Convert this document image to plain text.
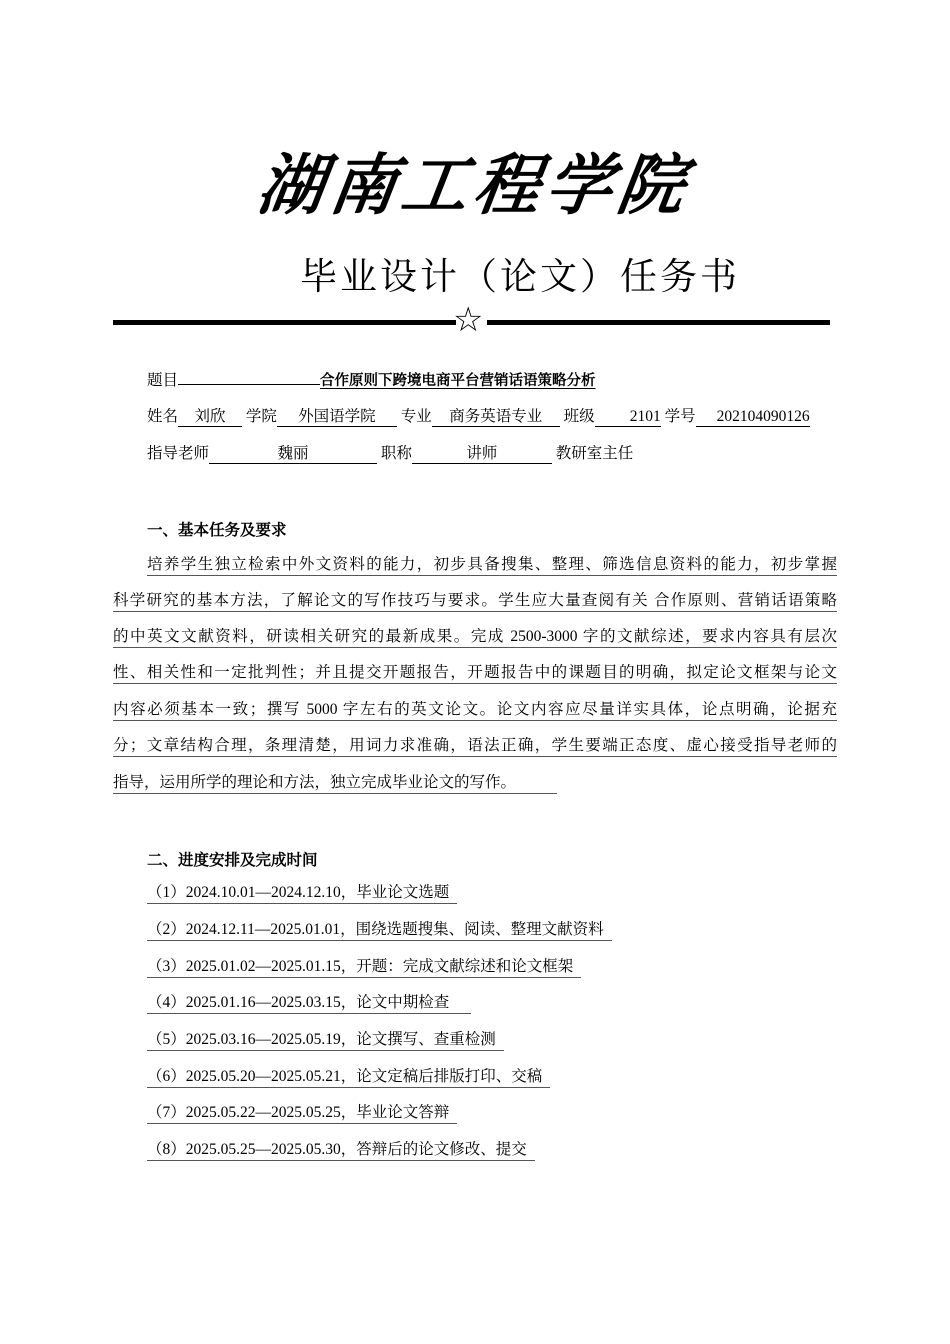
湖南工程学院
毕业设计（论文）任务书
☆
题目	合作原则下跨境电商平台营销话语策略分析
姓名 刘欣 学院 外国语学院 专业 商务英语专业 班级 2101 学号 202104090126
指导老师	魏丽	职称	讲师	教研室主任
一、基本任务及要求
培养学生独立检索中外文资料的能力，初步具备搜集、整理、筛选信息资料的能力，初步掌握
科学研究的基本方法，了解论文的写作技巧与要求。学生应大量查阅有关 合作原则、营销话语策略
的中英文文献资料，研读相关研究的最新成果。完成 2500-3000 字的文献综述，要求内容具有层次
性、相关性和一定批判性；并且提交开题报告，开题报告中的课题目的明确，拟定论文框架与论文
内容必须基本一致；撰写 5000 字左右的英文论文。论文内容应尽量详实具体，论点明确，论据充
分；文章结构合理，条理清楚，用词力求准确，语法正确，学生要端正态度、虚心接受指导老师的
指导，运用所学的理论和方法，独立完成毕业论文的写作。
二、进度安排及完成时间
（1）2024.10.01—2024.12.10，毕业论文选题
（2）2024.12.11—2025.01.01，围绕选题搜集、阅读、整理文献资料
（3）2025.01.02—2025.01.15，开题：完成文献综述和论文框架
（4）2025.01.16—2025.03.15，论文中期检查
（5）2025.03.16—2025.05.19，论文撰写、查重检测
（6）2025.05.20—2025.05.21，论文定稿后排版打印、交稿
（7）2025.05.22—2025.05.25，毕业论文答辩
（8）2025.05.25—2025.05.30，答辩后的论文修改、提交
